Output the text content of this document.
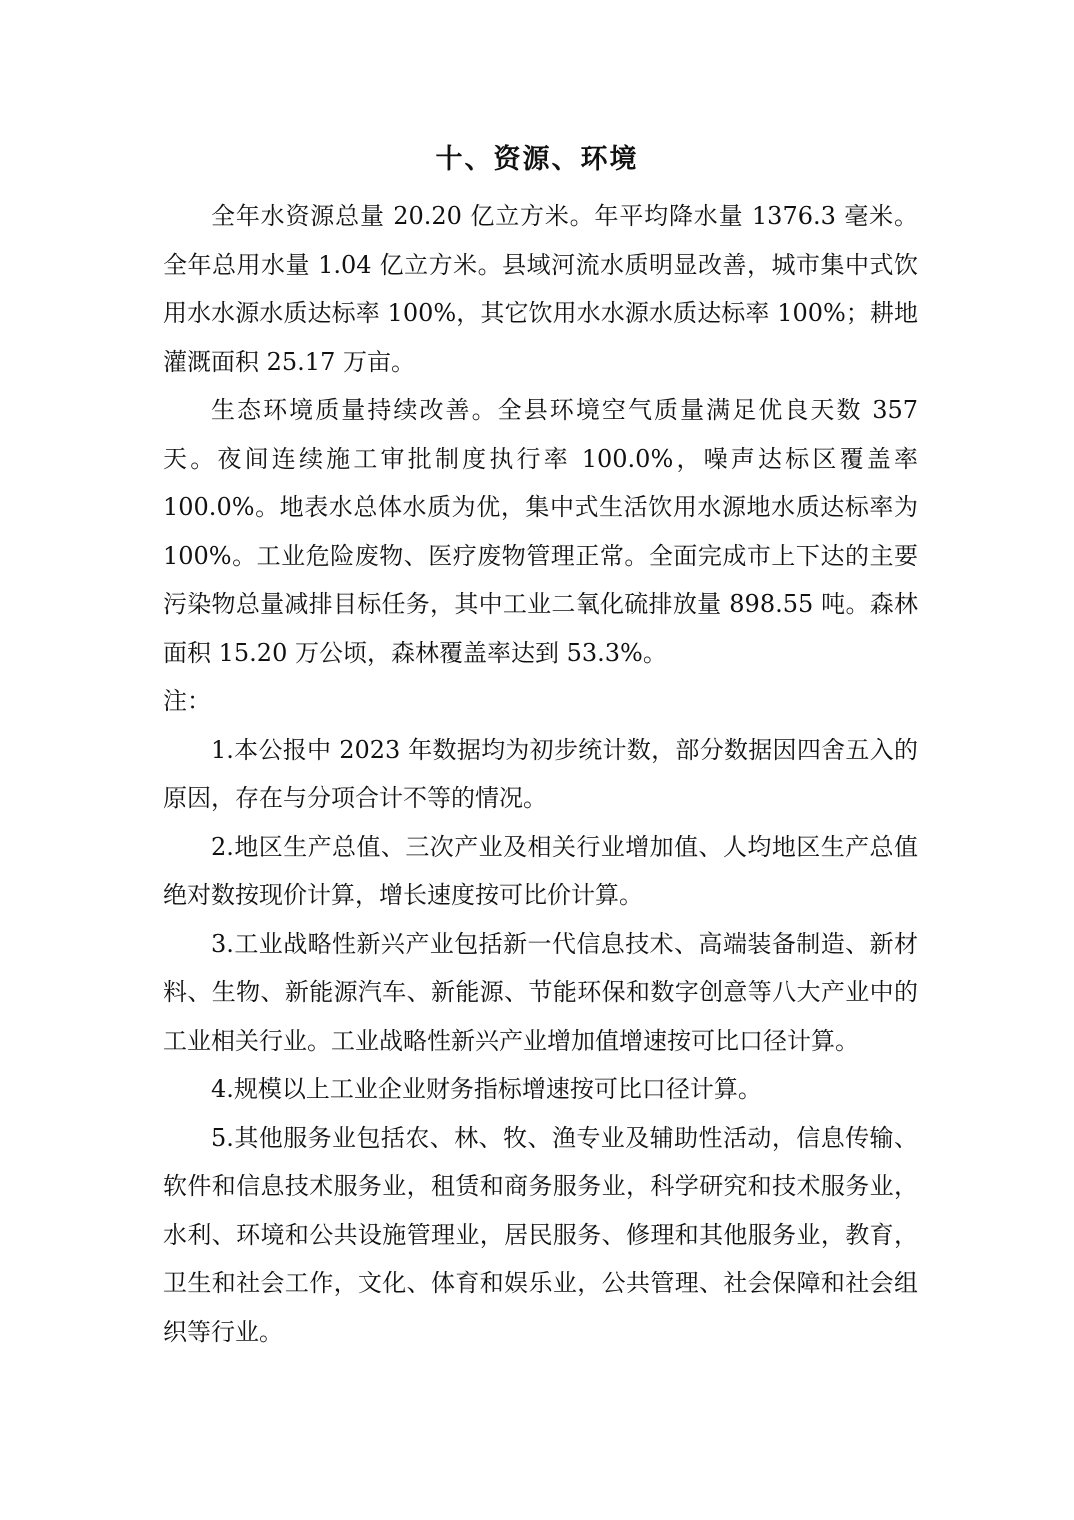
十、资源、环境

全年水资源总量 20.20 亿立方米。年平均降水量 1376.3 毫米。全年总用水量 1.04 亿立方米。县域河流水质明显改善，城市集中式饮用水水源水质达标率 100%，其它饮用水水源水质达标率 100%；耕地灌溉面积 25.17 万亩。

生态环境质量持续改善。全县环境空气质量满足优良天数 357 天。夜间连续施工审批制度执行率 100.0%，噪声达标区覆盖率 100.0%。地表水总体水质为优，集中式生活饮用水源地水质达标率为 100%。工业危险废物、医疗废物管理正常。全面完成市上下达的主要污染物总量减排目标任务，其中工业二氧化硫排放量 898.55 吨。森林面积 15.20 万公顷，森林覆盖率达到 53.3%。

注：

1.本公报中 2023 年数据均为初步统计数，部分数据因四舍五入的原因，存在与分项合计不等的情况。

2.地区生产总值、三次产业及相关行业增加值、人均地区生产总值绝对数按现价计算，增长速度按可比价计算。

3.工业战略性新兴产业包括新一代信息技术、高端装备制造、新材料、生物、新能源汽车、新能源、节能环保和数字创意等八大产业中的工业相关行业。工业战略性新兴产业增加值增速按可比口径计算。

4.规模以上工业企业财务指标增速按可比口径计算。

5.其他服务业包括农、林、牧、渔专业及辅助性活动，信息传输、软件和信息技术服务业，租赁和商务服务业，科学研究和技术服务业，水利、环境和公共设施管理业，居民服务、修理和其他服务业，教育，卫生和社会工作，文化、体育和娱乐业，公共管理、社会保障和社会组织等行业。
